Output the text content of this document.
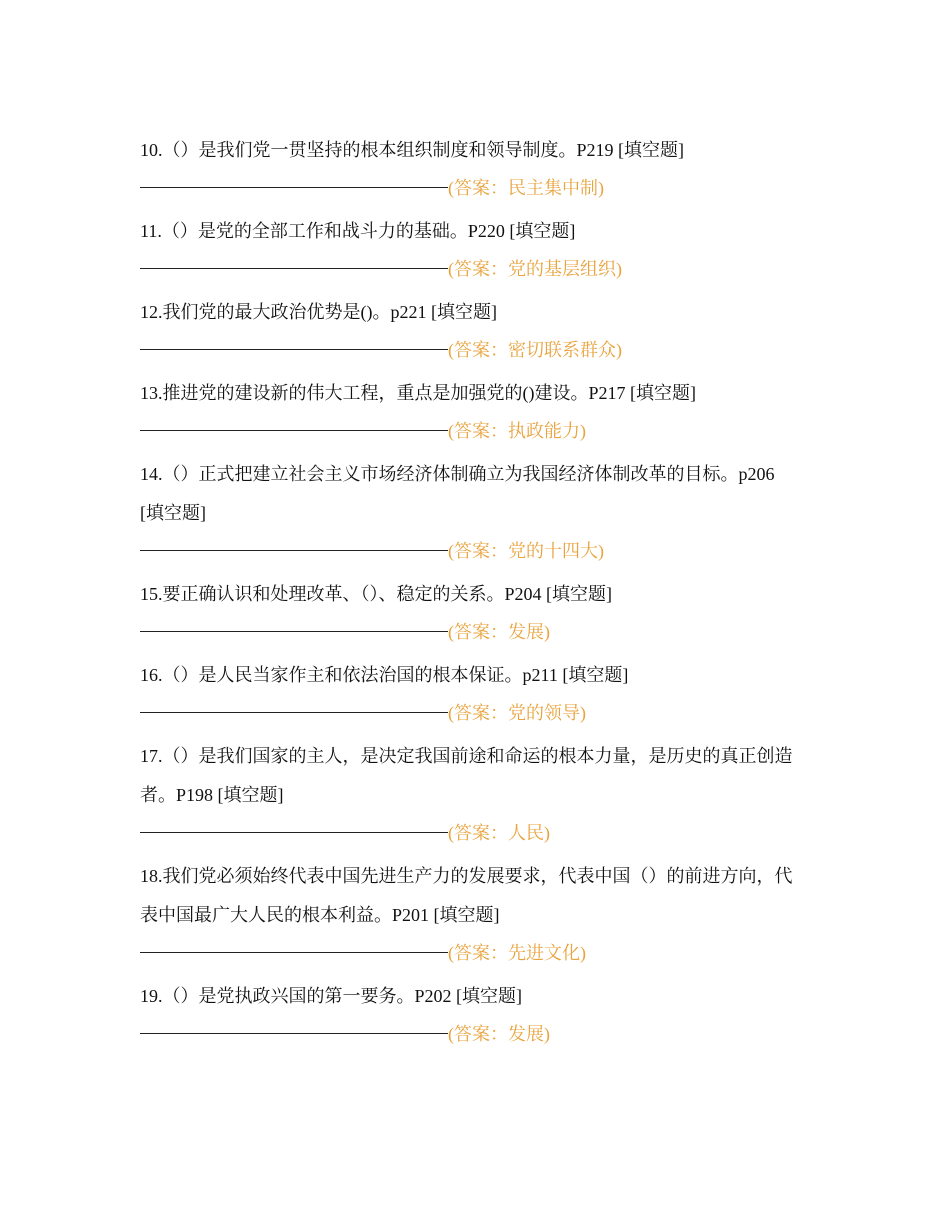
10.（）是我们党一贯坚持的根本组织制度和领导制度。P219 [填空题]

(答案：民主集中制)

11.（）是党的全部工作和战斗力的基础。P220 [填空题]

(答案：党的基层组织)

12.我们党的最大政治优势是()。p221 [填空题]

(答案：密切联系群众)

13.推进党的建设新的伟大工程，重点是加强党的()建设。P217 [填空题]

(答案：执政能力)

14.（）正式把建立社会主义市场经济体制确立为我国经济体制改革的目标。p206 [填空题]

(答案：党的十四大)

15.要正确认识和处理改革、（）、稳定的关系。P204 [填空题]

(答案：发展)

16.（）是人民当家作主和依法治国的根本保证。p211 [填空题]

(答案：党的领导)

17.（）是我们国家的主人，是决定我国前途和命运的根本力量，是历史的真正创造者。P198 [填空题]

(答案：人民)

18.我们党必须始终代表中国先进生产力的发展要求，代表中国（）的前进方向，代表中国最广大人民的根本利益。P201 [填空题]

(答案：先进文化)

19.（）是党执政兴国的第一要务。P202 [填空题]

(答案：发展)
